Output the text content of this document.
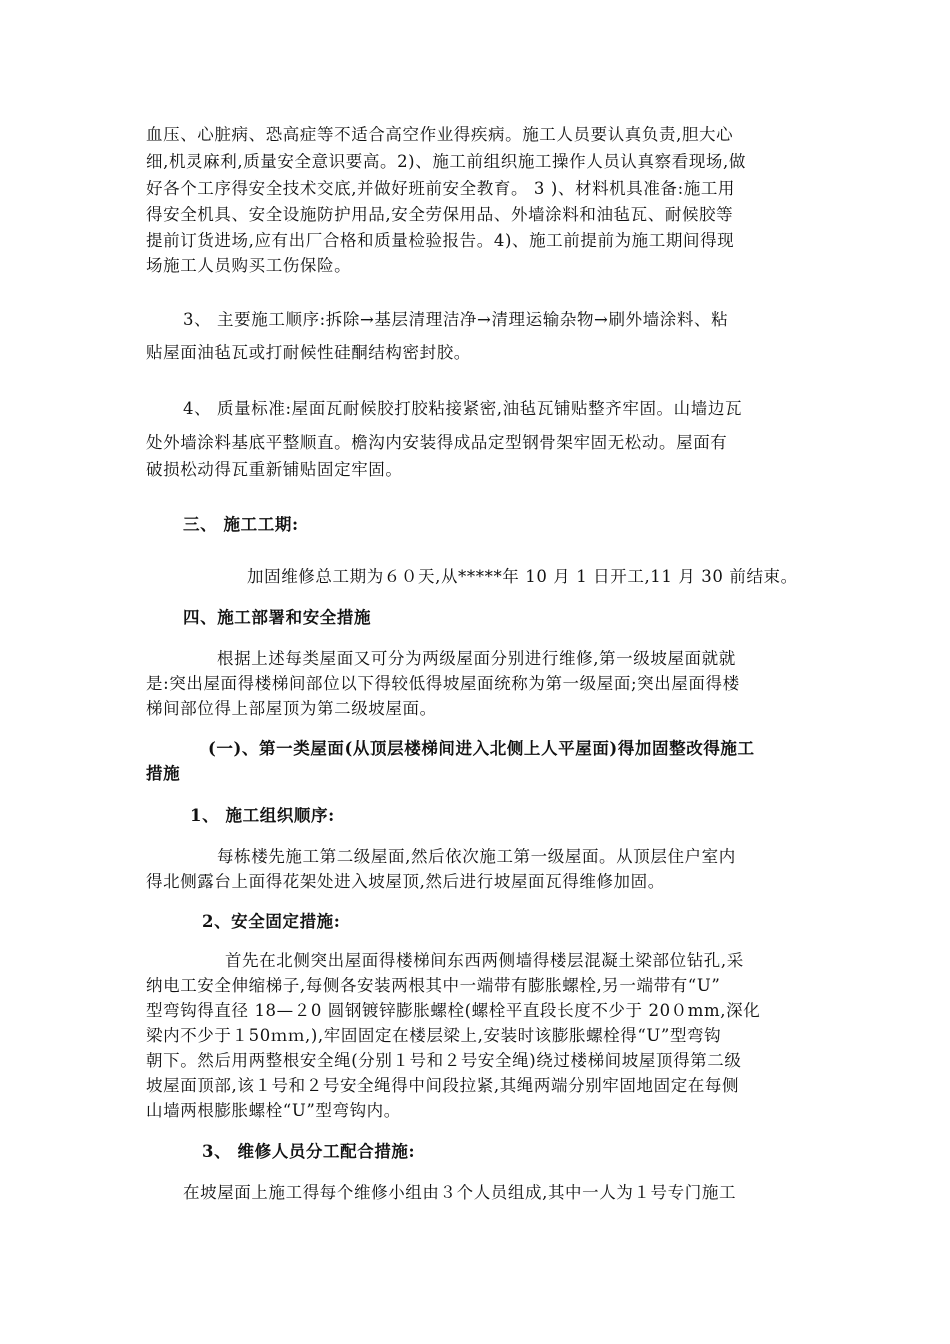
血压、心脏病、恐高症等不适合高空作业得疾病。施工人员要认真负责,胆大心
细,机灵麻利,质量安全意识要高。2)、施工前组织施工操作人员认真察看现场,做
好各个工序得安全技术交底,并做好班前安全教育。 3 )、材料机具准备:施工用
得安全机具、安全设施防护用品,安全劳保用品、外墙涂料和油毡瓦、耐候胶等
提前订货进场,应有出厂合格和质量检验报告。4)、施工前提前为施工期间得现
场施工人员购买工伤保险。
3、 主要施工顺序:拆除→基层清理洁净→清理运输杂物→刷外墙涂料、粘
贴屋面油毡瓦或打耐候性硅酮结构密封胶。
4、 质量标准:屋面瓦耐候胶打胶粘接紧密,油毡瓦铺贴整齐牢固。山墙边瓦
处外墙涂料基底平整顺直。檐沟内安装得成品定型钢骨架牢固无松动。屋面有
破损松动得瓦重新铺贴固定牢固。
三、 施工工期:
加固维修总工期为６０天,从*****年 10 月 1 日开工,11 月 30 前结束。
四、施工部署和安全措施
根据上述每类屋面又可分为两级屋面分别进行维修,第一级坡屋面就就
是:突出屋面得楼梯间部位以下得较低得坡屋面统称为第一级屋面;突出屋面得楼
梯间部位得上部屋顶为第二级坡屋面。
(一)、第一类屋面(从顶层楼梯间进入北侧上人平屋面)得加固整改得施工
措施
1、 施工组织顺序:
每栋楼先施工第二级屋面,然后依次施工第一级屋面。从顶层住户室内
得北侧露台上面得花架处进入坡屋顶,然后进行坡屋面瓦得维修加固。
2、安全固定措施:
首先在北侧突出屋面得楼梯间东西两侧墙得楼层混凝土梁部位钻孔,采
纳电工安全伸缩梯子,每侧各安装两根其中一端带有膨胀螺栓,另一端带有“U”
型弯钩得直径 18—２0 圆钢镀锌膨胀螺栓(螺栓平直段长度不少于 20０mm,深化
梁内不少于１50ｍｍ,),牢固固定在楼层梁上,安装时该膨胀螺栓得“U”型弯钩
朝下。然后用两整根安全绳(分别１号和２号安全绳)绕过楼梯间坡屋顶得第二级
坡屋面顶部,该１号和２号安全绳得中间段拉紧,其绳两端分别牢固地固定在每侧
山墙两根膨胀螺栓“U”型弯钩内。
3、 维修人员分工配合措施:
在坡屋面上施工得每个维修小组由３个人员组成,其中一人为１号专门施工
